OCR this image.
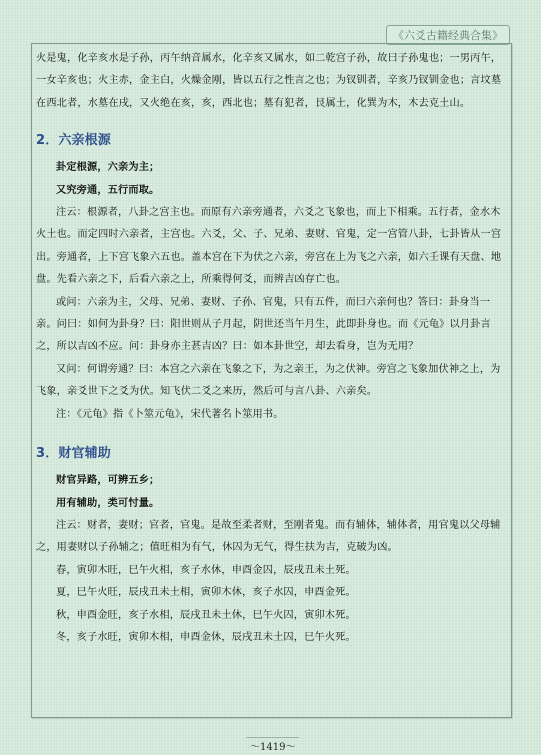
《六爻古籍经典合集》

火是鬼，化辛亥水是子孙，丙午纳音属水，化辛亥又属水，如二乾宫子孙，故曰子孙鬼也；一男丙午，一女辛亥也；火主赤，金主白，火燥金刚，皆以五行之性言之也；为钗钏者，辛亥乃钗钏金也；言坟墓在西北者，水墓在戌，又火绝在亥，亥，西北也；墓有犯者，艮属土，化巽为木，木去克土山。

2．六亲根源

卦定根源，六亲为主；

又究旁通，五行而取。

注云：根源者，八卦之宫主也。而原有六亲旁通者，六爻之飞象也，而上下相乘。五行者，金水木火土也。而定四时六亲者，主宫也。六爻，父、子、兄弟、妻财、官鬼，定一宫管八卦，七卦皆从一宫出。旁通者，上下宫飞象六五也。盖本宫在下为伏之六亲，旁宫在上为飞之六亲，如六壬课有天盘、地盘。先看六亲之下，后看六亲之上，所乘得何爻，而辨吉凶存亡也。

或问：六亲为主，父母、兄弟、妻财、子孙、官鬼，只有五件，而曰六亲何也？答曰：卦身当一亲。问曰：如何为卦身？曰：阳世则从子月起，阴世还当午月生，此即卦身也。而《元龟》以月卦言之，所以吉凶不应。问：卦身亦主甚吉凶？曰：如本卦世空，却去看身，岂为无用？

又问：何谓旁通？曰：本宫之六亲在飞象之下，为之亲王，为之伏神。旁宫之飞象加伏神之上，为飞象，亲爻世下之爻为伏。知飞伏二爻之来历，然后可与言八卦、六亲矣。

注：《元龟》指《卜筮元龟》，宋代著名卜筮用书。

3．财官辅助

财官异路，可辨五乡；

用有辅助，类可忖量。

注云：财者，妻财；官者，官鬼。是故至柔者财，至刚者鬼。而有辅体，辅体者，用官鬼以父母辅之，用妻财以子孙辅之；值旺相为有气，休囚为无气，得生扶为吉，克破为凶。

春，寅卯木旺，巳午火相，亥子水休，申酉金囚，辰戌丑未土死。

夏，巳午火旺，辰戌丑未土相，寅卯木休，亥子水囚，申酉金死。

秋，申酉金旺，亥子水相，辰戌丑未土休，巳午火囚，寅卯木死。

冬，亥子水旺，寅卯木相，申酉金休，辰戌丑未土囚，巳午火死。

～1419～
